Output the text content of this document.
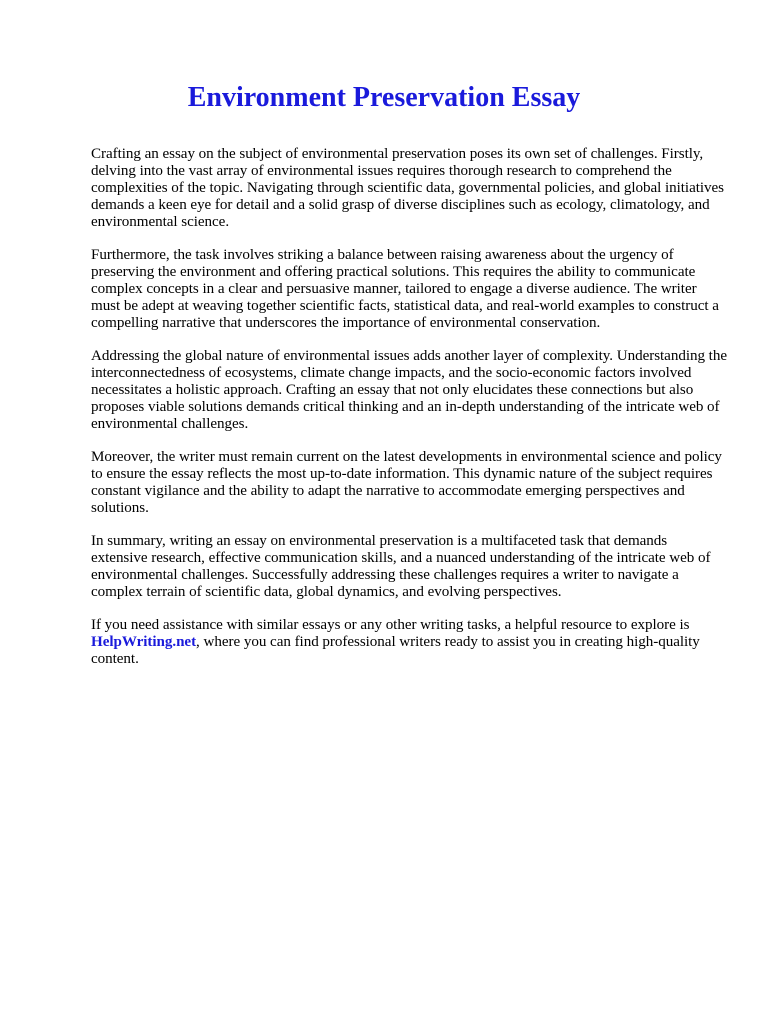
Environment Preservation Essay

Crafting an essay on the subject of environmental preservation poses its own set of challenges. Firstly, delving into the vast array of environmental issues requires thorough research to comprehend the complexities of the topic. Navigating through scientific data, governmental policies, and global initiatives demands a keen eye for detail and a solid grasp of diverse disciplines such as ecology, climatology, and environmental science.

Furthermore, the task involves striking a balance between raising awareness about the urgency of preserving the environment and offering practical solutions. This requires the ability to communicate complex concepts in a clear and persuasive manner, tailored to engage a diverse audience. The writer must be adept at weaving together scientific facts, statistical data, and real-world examples to construct a compelling narrative that underscores the importance of environmental conservation.

Addressing the global nature of environmental issues adds another layer of complexity. Understanding the interconnectedness of ecosystems, climate change impacts, and the socio-economic factors involved necessitates a holistic approach. Crafting an essay that not only elucidates these connections but also proposes viable solutions demands critical thinking and an in-depth understanding of the intricate web of environmental challenges.

Moreover, the writer must remain current on the latest developments in environmental science and policy to ensure the essay reflects the most up-to-date information. This dynamic nature of the subject requires constant vigilance and the ability to adapt the narrative to accommodate emerging perspectives and solutions.

In summary, writing an essay on environmental preservation is a multifaceted task that demands extensive research, effective communication skills, and a nuanced understanding of the intricate web of environmental challenges. Successfully addressing these challenges requires a writer to navigate a complex terrain of scientific data, global dynamics, and evolving perspectives.

If you need assistance with similar essays or any other writing tasks, a helpful resource to explore is HelpWriting.net, where you can find professional writers ready to assist you in creating high-quality content.
